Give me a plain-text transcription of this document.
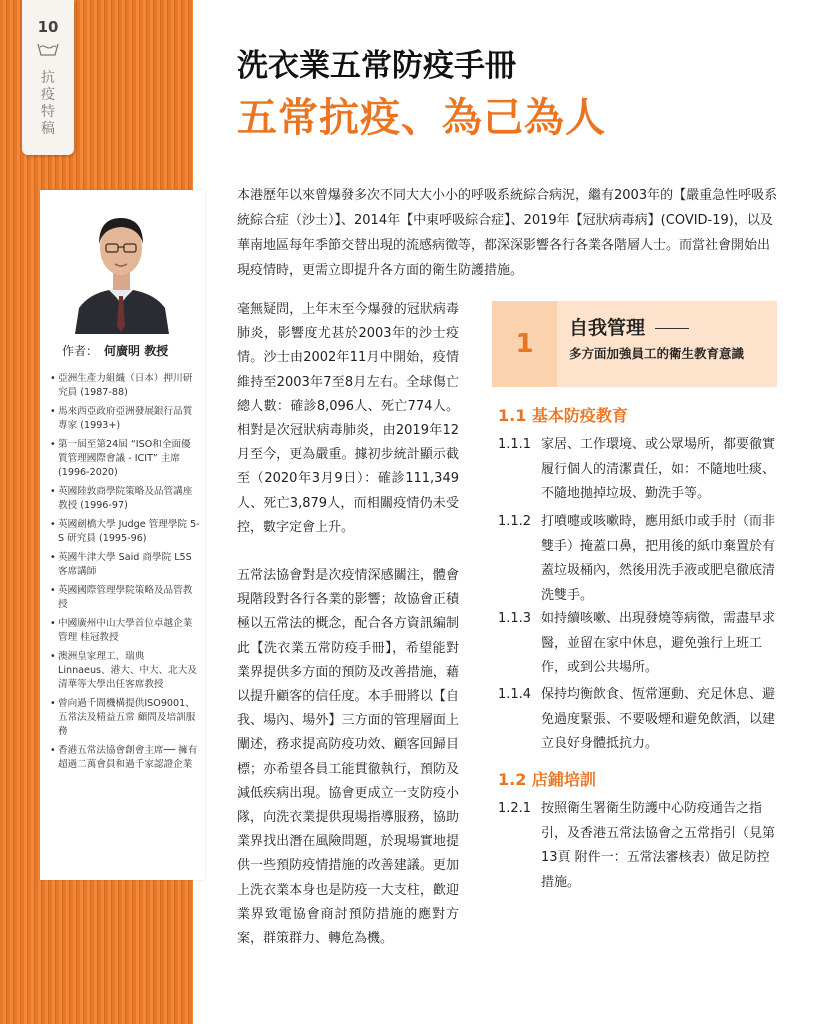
10
抗
疫
特
稿
洗衣業五常防疫手冊
五常抗疫、為己為人
本港歷年以來曾爆發多次不同大大小小的呼吸系統綜合病況，繼有2003年的【嚴重急性呼吸系統綜合症（沙士）】、2014年【中東呼吸綜合症】、2019年【冠狀病毒病】(COVID-19)，以及華南地區每年季節交替出現的流感病徵等，都深深影響各行各業各階層人士。而當社會開始出現疫情時，更需立即提升各方面的衛生防護措施。
作者： 何廣明 教授
• 亞洲生產力組織（日本）押川研究員 (1987-88)
• 馬來西亞政府亞洲發展銀行品質專家 (1993+)
• 第一屆至第24屆 “ISO和全面優質管理國際會議 - ICIT” 主席 (1996-2020)
• 英國陸敦商學院策略及品管講座教授 (1996-97)
• 英國劍橋大學 Judge 管理學院 5-S 研究員 (1995-96)
• 英國牛津大學 Said 商學院 L5S 客席講師
• 英國國際管理學院策略及品管教授
• 中國廣州中山大學首位卓越企業管理 桂冠教授
• 澳洲皇家理工、瑞典 Linnaeus、港大、中大、北大及清華等大學出任客席教授
• 曾向過千間機構提供ISO9001、五常法及精益五常 顧問及培訓服務
• 香港五常法協會創會主席── 擁有超過二萬會員和過千家認證企業

毫無疑問，上年末至今爆發的冠狀病毒肺炎，影響度尤甚於2003年的沙士疫情。沙士由2002年11月中開始，疫情維持至2003年7至8月左右。全球傷亡總人數：確診8,096人、死亡774人。相對是次冠狀病毒肺炎，由2019年12月至今，更為嚴重。據初步統計顯示截至（2020年3月9日）：確診111,349人、死亡3,879人，而相關疫情仍未受控，數字定會上升。

五常法協會對是次疫情深感關注，體會現階段對各行各業的影響；故協會正積極以五常法的概念，配合各方資訊編制此【洗衣業五常防疫手冊】，希望能對業界提供多方面的預防及改善措施，藉以提升顧客的信任度。本手冊將以【自我、場內、場外】三方面的管理層面上闡述，務求提高防疫功效、顧客回歸目標；亦希望各員工能貫徹執行，預防及減低疾病出現。協會更成立一支防疫小隊，向洗衣業提供現場指導服務，協助業界找出潛在風險問題，於現場實地提供一些預防疫情措施的改善建議。更加上洗衣業本身也是防疫一大支柱，歡迎業界致電協會商討預防措施的應對方案，群策群力、轉危為機。

1
自我管理
多方面加強員工的衛生教育意識
1.1 基本防疫教育
1.1.1 家居、工作環境、或公眾場所，都要徹實履行個人的清潔責任，如：不隨地吐痰、不隨地拋掉垃圾、勤洗手等。
1.1.2 打噴嚏或咳嗽時，應用紙巾或手肘（而非雙手）掩蓋口鼻，把用後的紙巾棄置於有蓋垃圾桶內，然後用洗手液或肥皂徹底清洗雙手。
1.1.3 如持續咳嗽、出現發燒等病徵，需盡早求醫，並留在家中休息，避免強行上班工作，或到公共場所。
1.1.4 保持均衡飲食、恆常運動、充足休息、避免過度緊張、不要吸煙和避免飲酒，以建立良好身體抵抗力。
1.2 店鋪培訓
1.2.1 按照衛生署衛生防護中心防疫通告之指引，及香港五常法協會之五常指引（見第13頁 附件一：五常法審核表）做足防控措施。
